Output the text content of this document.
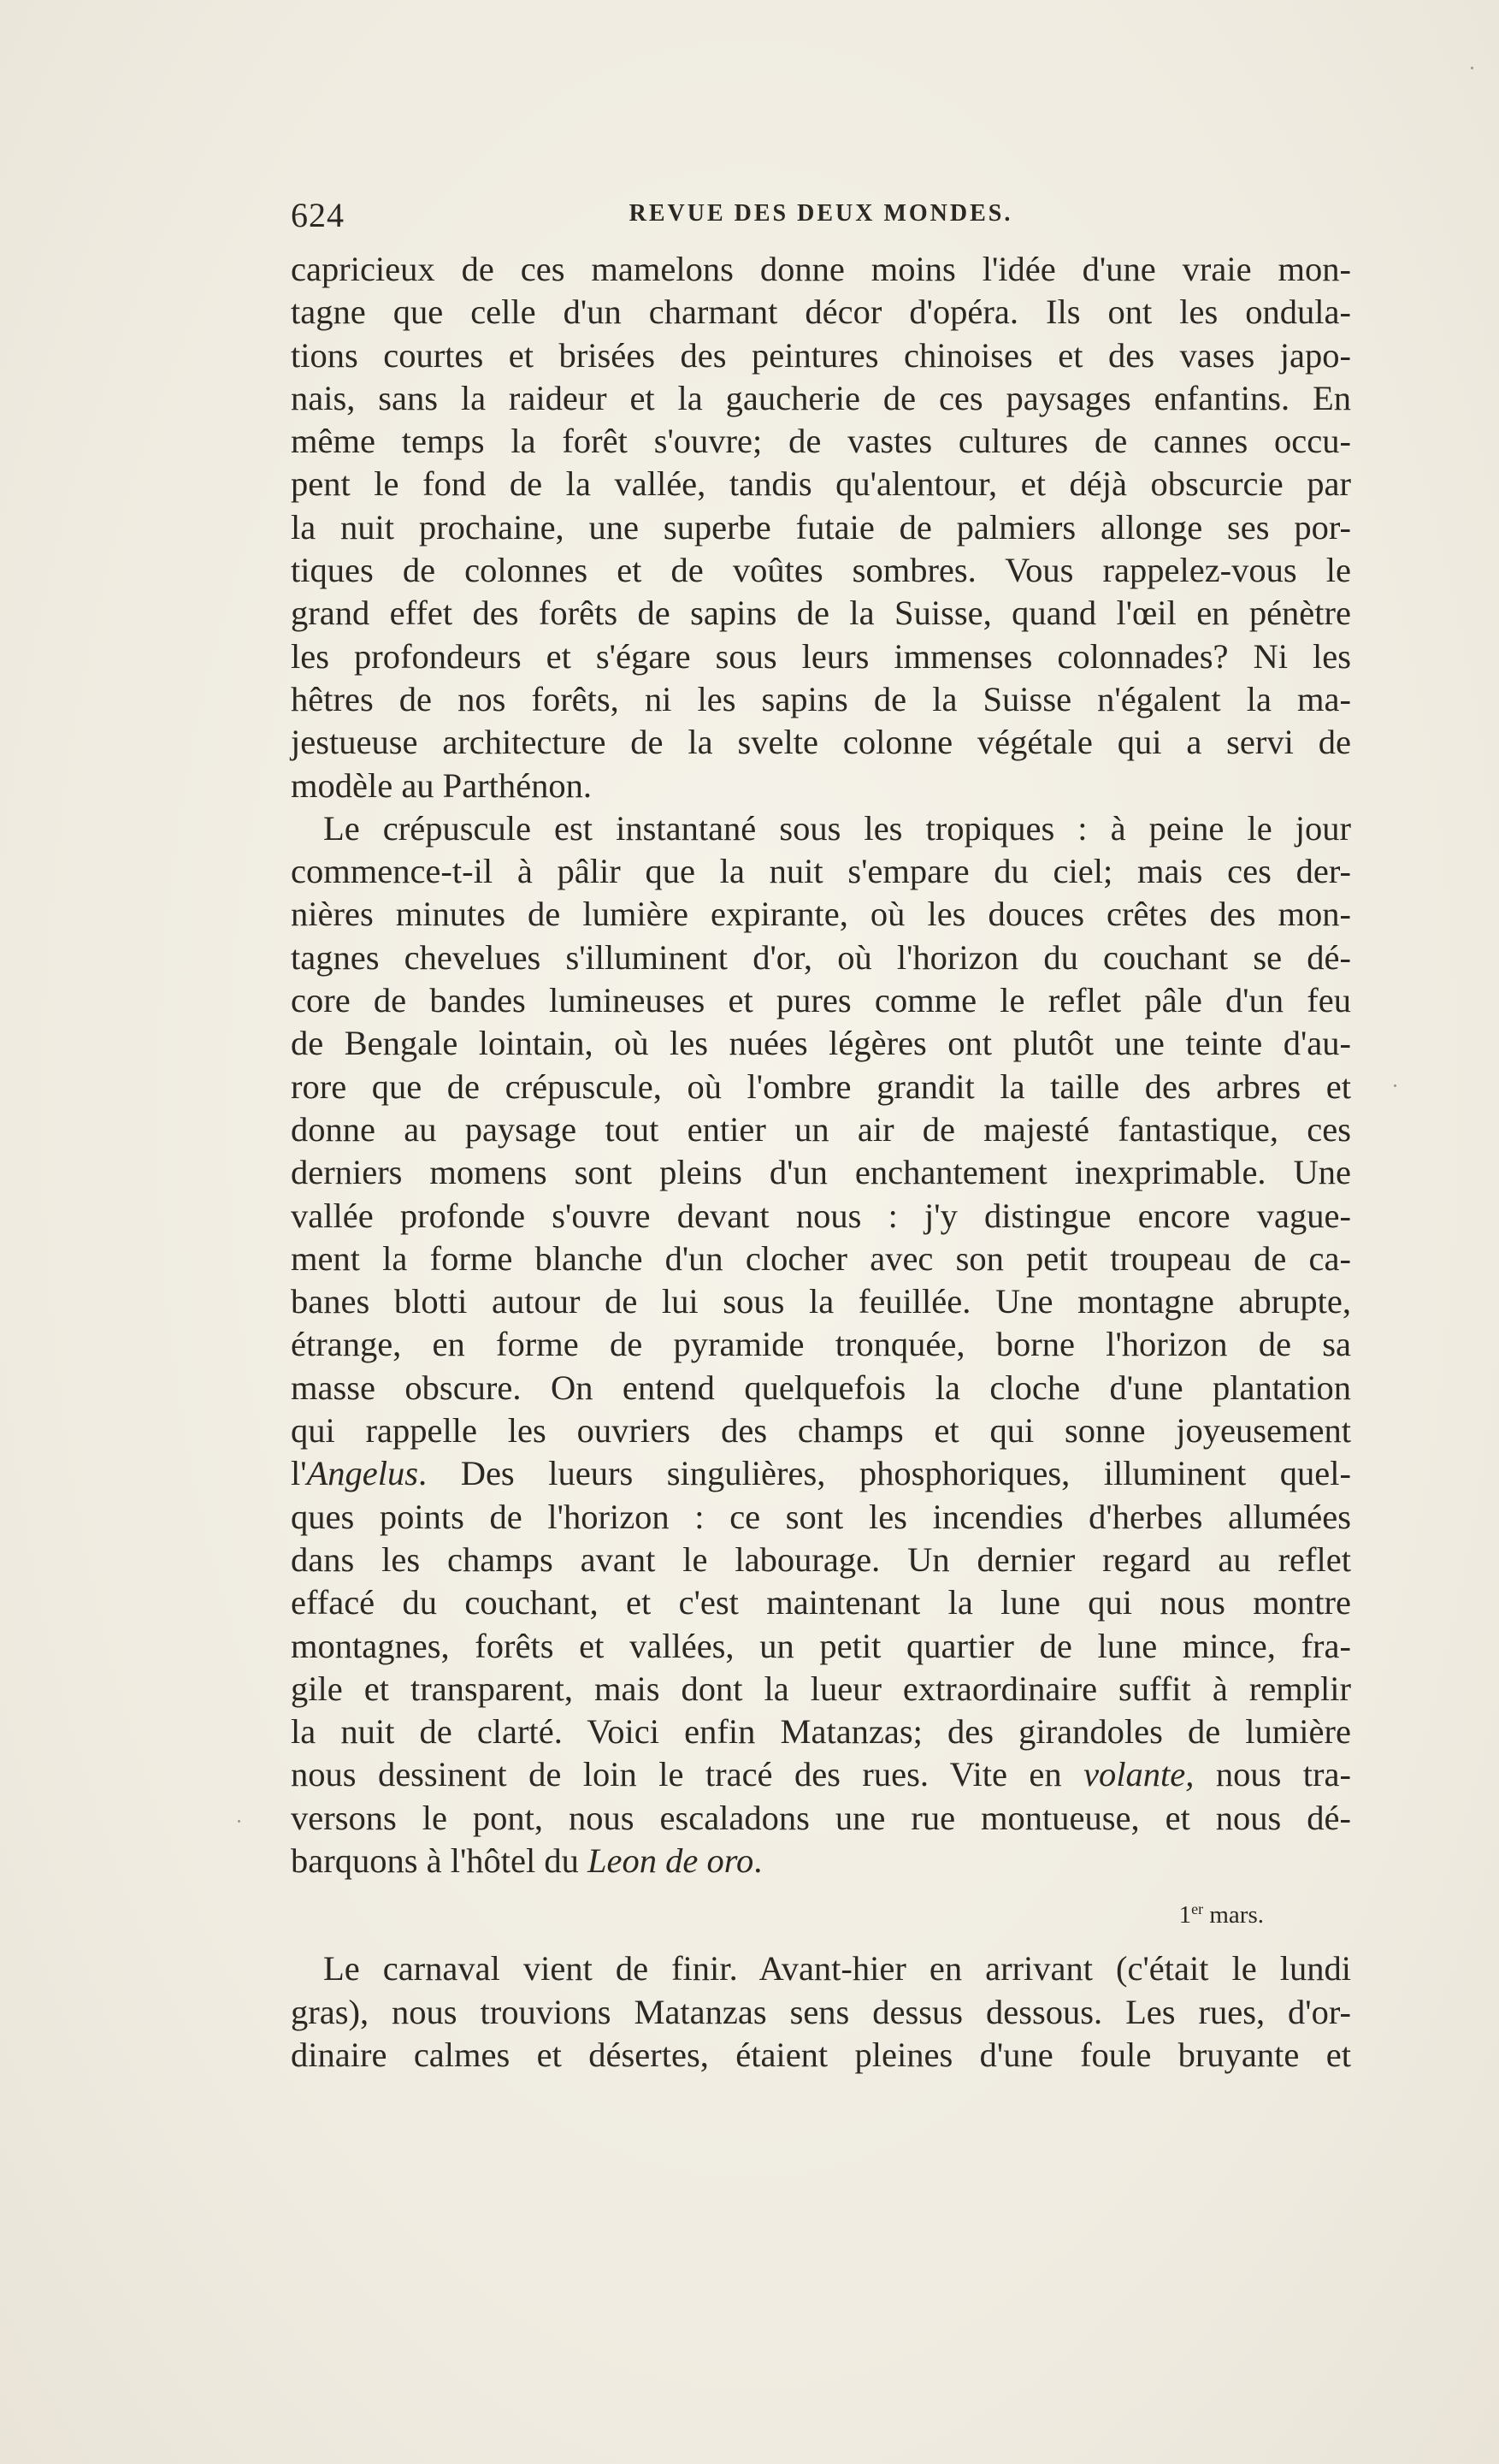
624	REVUE DES DEUX MONDES.
capricieux de ces mamelons donne moins l'idée d'une vraie mon-
tagne que celle d'un charmant décor d'opéra. Ils ont les ondula-
tions courtes et brisées des peintures chinoises et des vases japo-
nais, sans la raideur et la gaucherie de ces paysages enfantins. En
même temps la forêt s'ouvre; de vastes cultures de cannes occu-
pent le fond de la vallée, tandis qu'alentour, et déjà obscurcie par
la nuit prochaine, une superbe futaie de palmiers allonge ses por-
tiques de colonnes et de voûtes sombres. Vous rappelez-vous le
grand effet des forêts de sapins de la Suisse, quand l'œil en pénètre
les profondeurs et s'égare sous leurs immenses colonnades? Ni les
hêtres de nos forêts, ni les sapins de la Suisse n'égalent la ma-
jestueuse architecture de la svelte colonne végétale qui a servi de
modèle au Parthénon.
Le crépuscule est instantané sous les tropiques : à peine le jour
commence-t-il à pâlir que la nuit s'empare du ciel; mais ces der-
nières minutes de lumière expirante, où les douces crêtes des mon-
tagnes chevelues s'illuminent d'or, où l'horizon du couchant se dé-
core de bandes lumineuses et pures comme le reflet pâle d'un feu
de Bengale lointain, où les nuées légères ont plutôt une teinte d'au-
rore que de crépuscule, où l'ombre grandit la taille des arbres et
donne au paysage tout entier un air de majesté fantastique, ces
derniers momens sont pleins d'un enchantement inexprimable. Une
vallée profonde s'ouvre devant nous : j'y distingue encore vague-
ment la forme blanche d'un clocher avec son petit troupeau de ca-
banes blotti autour de lui sous la feuillée. Une montagne abrupte,
étrange, en forme de pyramide tronquée, borne l'horizon de sa
masse obscure. On entend quelquefois la cloche d'une plantation
qui rappelle les ouvriers des champs et qui sonne joyeusement
l'Angelus. Des lueurs singulières, phosphoriques, illuminent quel-
ques points de l'horizon : ce sont les incendies d'herbes allumées
dans les champs avant le labourage. Un dernier regard au reflet
effacé du couchant, et c'est maintenant la lune qui nous montre
montagnes, forêts et vallées, un petit quartier de lune mince, fra-
gile et transparent, mais dont la lueur extraordinaire suffit à remplir
la nuit de clarté. Voici enfin Matanzas; des girandoles de lumière
nous dessinent de loin le tracé des rues. Vite en volante, nous tra-
versons le pont, nous escaladons une rue montueuse, et nous dé-
barquons à l'hôtel du Leon de oro.
1er mars.
Le carnaval vient de finir. Avant-hier en arrivant (c'était le lundi
gras), nous trouvions Matanzas sens dessus dessous. Les rues, d'or-
dinaire calmes et désertes, étaient pleines d'une foule bruyante et
